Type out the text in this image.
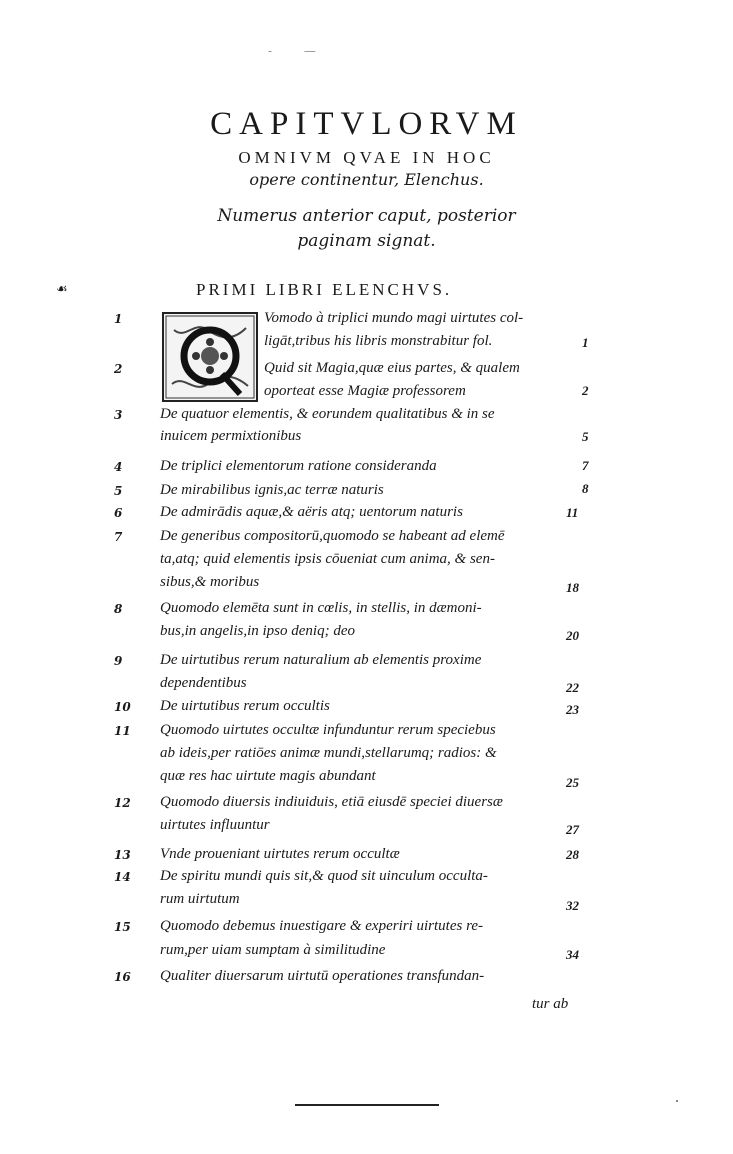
- —
CAPITVLORVM
OMNIVM QVAE IN HOC
opere continentur, Elenchus.
Numerus anterior caput, posterior
paginam signat.
☙	PRIMI LIBRI ELENCHVS.
1	Vomodo à triplici mundo magi uirtutes col-
ligāt,tribus his libris monstrabitur fol.	1
2	Quid sit Magia,quæ eius partes, & qualem
oporteat esse Magiæ professorem	2
3	De quatuor elementis, & eorundem qualitatibus & in se
inuicem permixtionibus	5
4	De triplici elementorum ratione considerandа	7
5	De mirabilibus ignis,ac terræ naturis	8
6	De admirādis aquæ,& aëris atq; uentorum naturis	11
7	De generibus compositorū,quomodo se habeant ad elemē
ta,atq; quid elementis ipsis cōueniat cum anima, & sen-
sibus,& moribus	18
8	Quomodo elemēta sunt in cœlis, in stellis, in dæmoni-
bus,in angelis,in ipso deniq; deo	20
9	De uirtutibus rerum naturalium ab elementis proxime
dependentibus	22
10	De uirtutibus rerum occultis	23
11	Quomodo uirtutes occultæ infunduntur rerum speciebus
ab ideis,per ratiōes animæ mundi,stellarumq; radios: &
quæ res hac uirtute magis abundant	25
12	Quomodo diuersis indiuiduis, etiā eiusdē speciei diuersæ
uirtutes influuntur	27
13	Vnde proueniant uirtutes rerum occultæ	28
14	De spiritu mundi quis sit,& quod sit uinculum occulta-
rum uirtutum	32
15	Quomodo debemus inuestigare & experiri uirtutes re-
rum,per uiam sumptam à similitudine	34
16	Qualiter diuersarum uirtutū operationes transfundan-
tur ab
